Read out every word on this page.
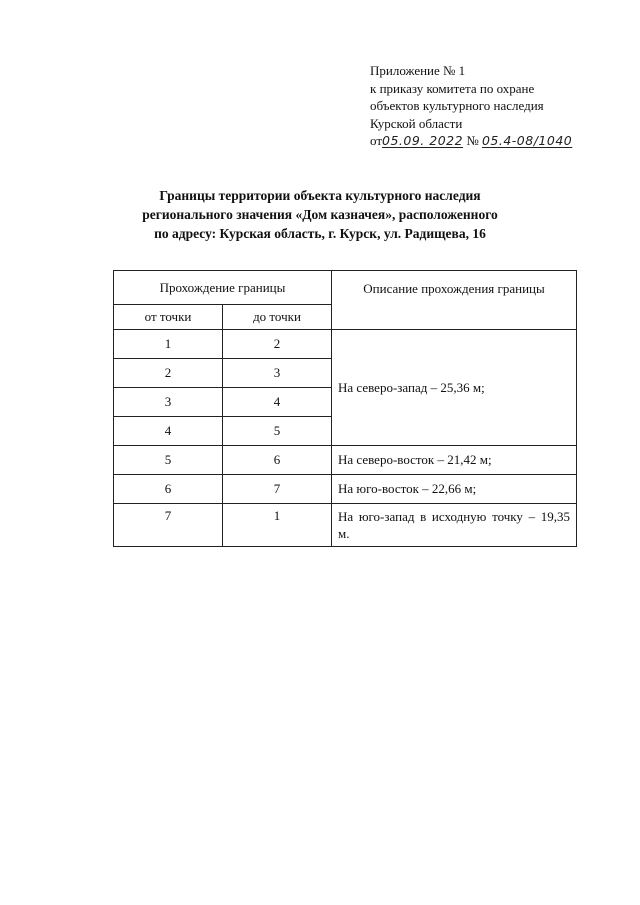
Приложение № 1
к приказу комитета по охране
объектов культурного наследия
Курской области
от05.09. 2022 № 05.4-08/1040
Границы территории объекта культурного наследия
регионального значения «Дом казначея», расположенного
по адресу: Курская область, г. Курск, ул. Радищева, 16
Прохождение границы		Описание прохождения границы
от точки	до точки	
1	2	На северо-запад – 25,36 м;
2	3	
3	4	
4	5	
5	6	На северо-восток – 21,42 м;
6	7	На юго-восток – 22,66 м;
7	1	На юго-запад в исходную точку – 19,35 м.
